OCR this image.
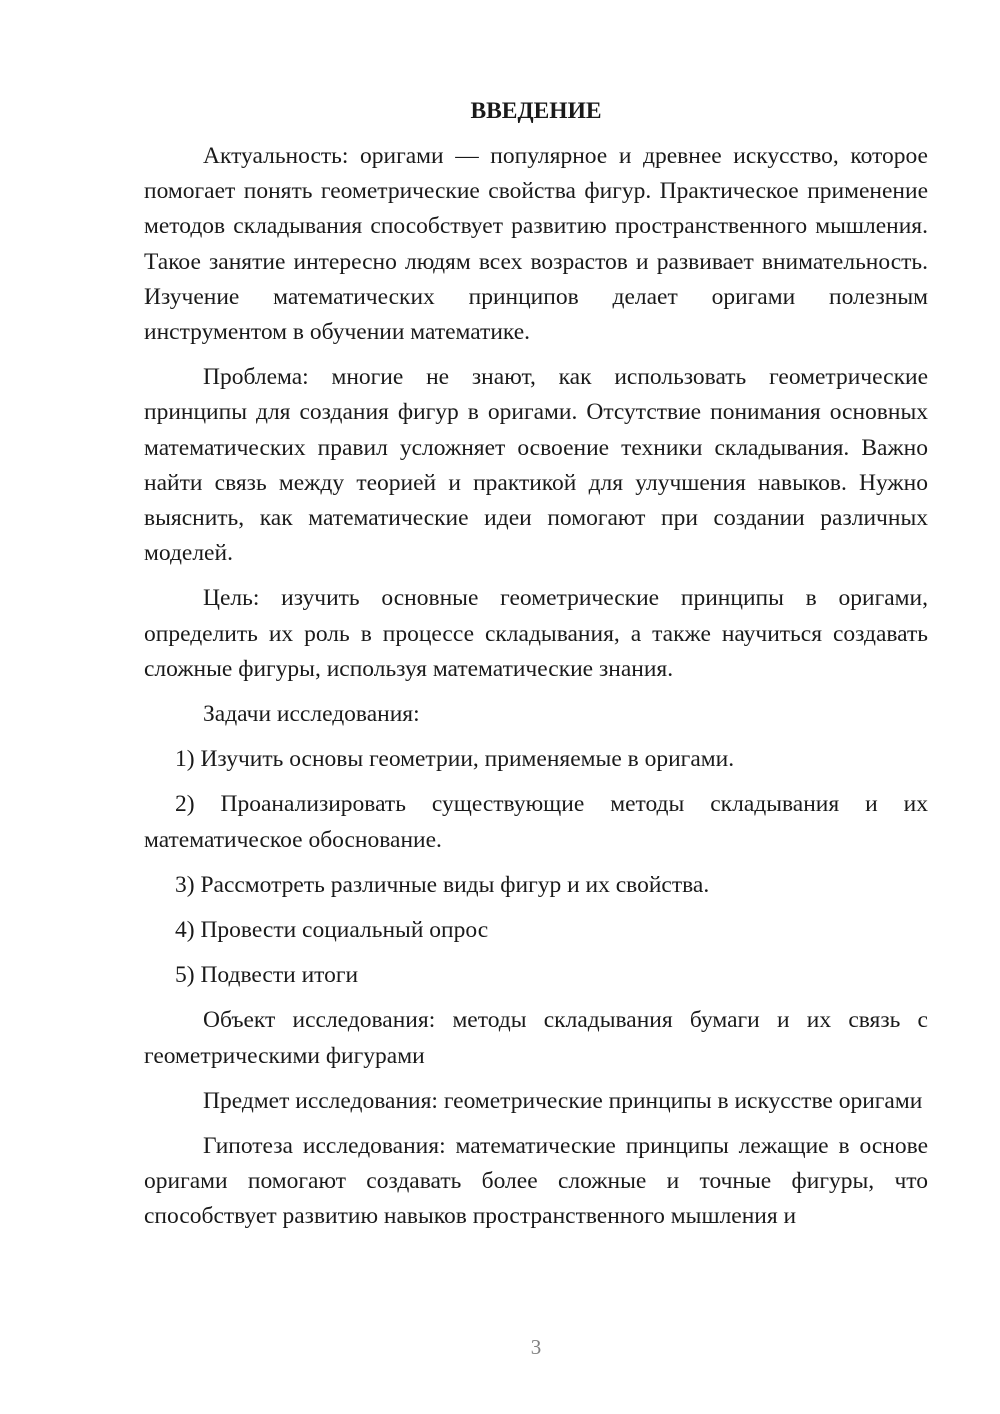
ВВЕДЕНИЕ

Актуальность: оригами — популярное и древнее искусство, которое помогает понять геометрические свойства фигур. Практическое применение методов складывания способствует развитию пространственного мышления. Такое занятие интересно людям всех возрастов и развивает внимательность. Изучение математических принципов делает оригами полезным инструментом в обучении математике.

Проблема: многие не знают, как использовать геометрические принципы для создания фигур в оригами. Отсутствие понимания основных математических правил усложняет освоение техники складывания. Важно найти связь между теорией и практикой для улучшения навыков. Нужно выяснить, как математические идеи помогают при создании различных моделей.

Цель: изучить основные геометрические принципы в оригами, определить их роль в процессе складывания, а также научиться создавать сложные фигуры, используя математические знания.

Задачи исследования:

1) Изучить основы геометрии, применяемые в оригами.

2) Проанализировать существующие методы складывания и их математическое обоснование.

3) Рассмотреть различные виды фигур и их свойства.

4) Провести социальный опрос

5) Подвести итоги

Объект исследования: методы складывания бумаги и их связь с геометрическими фигурами

Предмет исследования: геометрические принципы в искусстве оригами

Гипотеза исследования: математические принципы лежащие в основе оригами помогают создавать более сложные и точные фигуры, что способствует развитию навыков пространственного мышления и

3
